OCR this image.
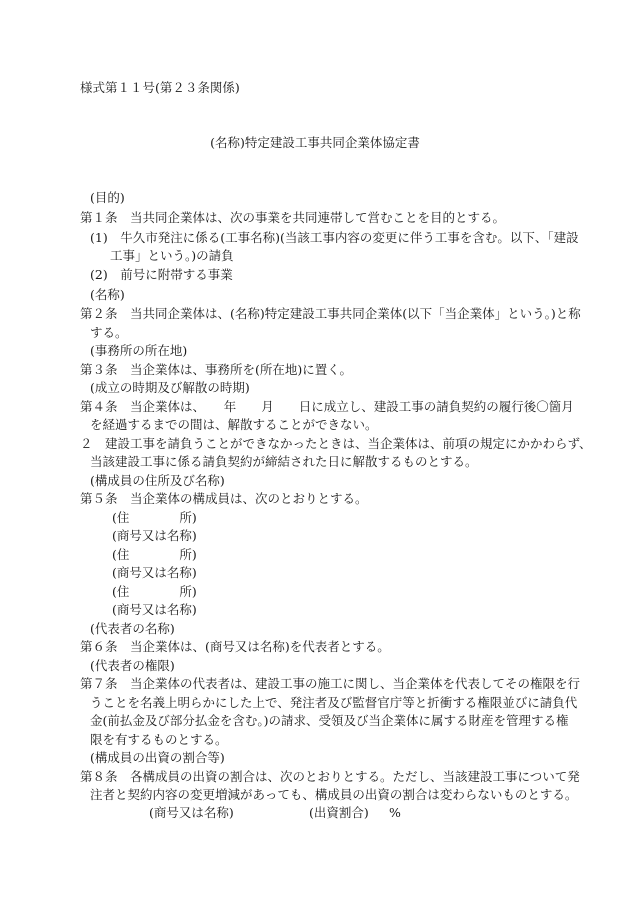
様式第１１号(第２３条関係)
(名称)特定建設工事共同企業体協定書
(目的)
第１条　当共同企業体は、次の事業を共同連帯して営むことを目的とする。
(1)　牛久市発注に係る(工事名称)(当該工事内容の変更に伴う工事を含む。以下、「建設
工事」という。)の請負
(2)　前号に附帯する事業
(名称)
第２条　当共同企業体は、(名称)特定建設工事共同企業体(以下「当企業体」という。)と称
する。
(事務所の所在地)
第３条　当企業体は、事務所を(所在地)に置く。
(成立の時期及び解散の時期)
第４条　当企業体は、　　年　　月　　日に成立し、建設工事の請負契約の履行後〇箇月
を経過するまでの間は、解散することができない。
２　建設工事を請負うことができなかったときは、当企業体は、前項の規定にかかわらず、
当該建設工事に係る請負契約が締結された日に解散するものとする。
(構成員の住所及び名称)
第５条　当企業体の構成員は、次のとおりとする。
(住　　　　所)
(商号又は名称)
(住　　　　所)
(商号又は名称)
(住　　　　所)
(商号又は名称)
(代表者の名称)
第６条　当企業体は、(商号又は名称)を代表者とする。
(代表者の権限)
第７条　当企業体の代表者は、建設工事の施工に関し、当企業体を代表してその権限を行
うことを名義上明らかにした上で、発注者及び監督官庁等と折衝する権限並びに請負代
金(前払金及び部分払金を含む。)の請求、受領及び当企業体に属する財産を管理する権
限を有するものとする。
(構成員の出資の割合等)
第８条　各構成員の出資の割合は、次のとおりとする。ただし、当該建設工事について発
注者と契約内容の変更増減があっても、構成員の出資の割合は変わらないものとする。
(商号又は名称)	(出資割合) %
